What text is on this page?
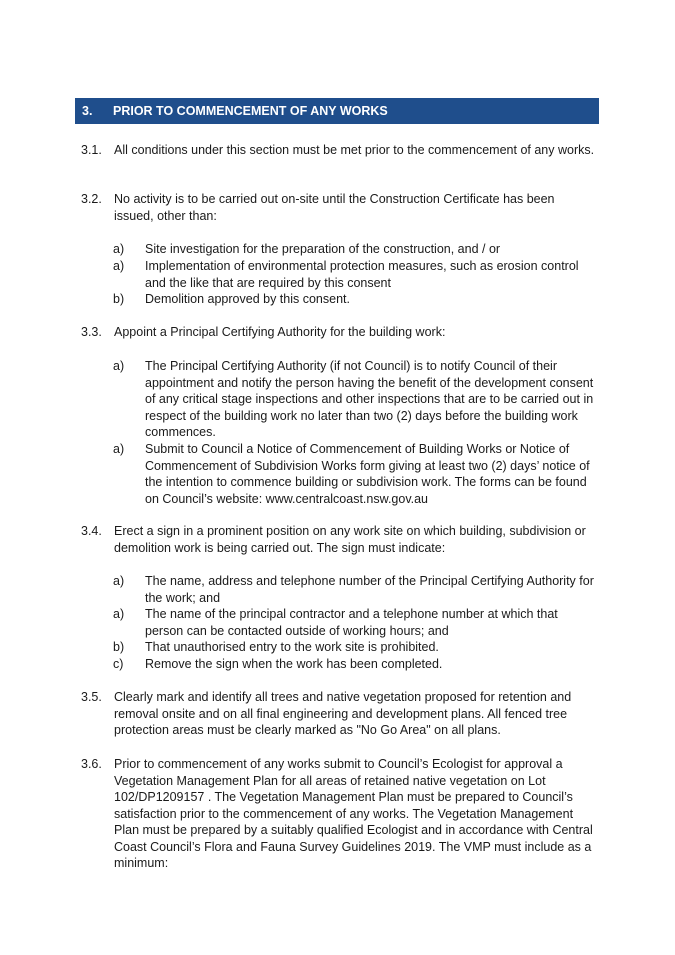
3. PRIOR TO COMMENCEMENT OF ANY WORKS
3.1. All conditions under this section must be met prior to the commencement of any works.
3.2. No activity is to be carried out on-site until the Construction Certificate has been issued, other than:
a) Site investigation for the preparation of the construction, and / or
a) Implementation of environmental protection measures, such as erosion control and the like that are required by this consent
b) Demolition approved by this consent.
3.3. Appoint a Principal Certifying Authority for the building work:
a) The Principal Certifying Authority (if not Council) is to notify Council of their appointment and notify the person having the benefit of the development consent of any critical stage inspections and other inspections that are to be carried out in respect of the building work no later than two (2) days before the building work commences.
a) Submit to Council a Notice of Commencement of Building Works or Notice of Commencement of Subdivision Works form giving at least two (2) days’ notice of the intention to commence building or subdivision work. The forms can be found on Council’s website: www.centralcoast.nsw.gov.au
3.4. Erect a sign in a prominent position on any work site on which building, subdivision or demolition work is being carried out. The sign must indicate:
a) The name, address and telephone number of the Principal Certifying Authority for the work; and
a) The name of the principal contractor and a telephone number at which that person can be contacted outside of working hours; and
b) That unauthorised entry to the work site is prohibited.
c) Remove the sign when the work has been completed.
3.5. Clearly mark and identify all trees and native vegetation proposed for retention and removal onsite and on all final engineering and development plans. All fenced tree protection areas must be clearly marked as "No Go Area" on all plans.
3.6. Prior to commencement of any works submit to Council’s Ecologist for approval a Vegetation Management Plan for all areas of retained native vegetation on Lot 102/DP1209157 . The Vegetation Management Plan must be prepared to Council’s satisfaction prior to the commencement of any works. The Vegetation Management Plan must be prepared by a suitably qualified Ecologist and in accordance with Central Coast Council’s Flora and Fauna Survey Guidelines 2019. The VMP must include as a minimum:
